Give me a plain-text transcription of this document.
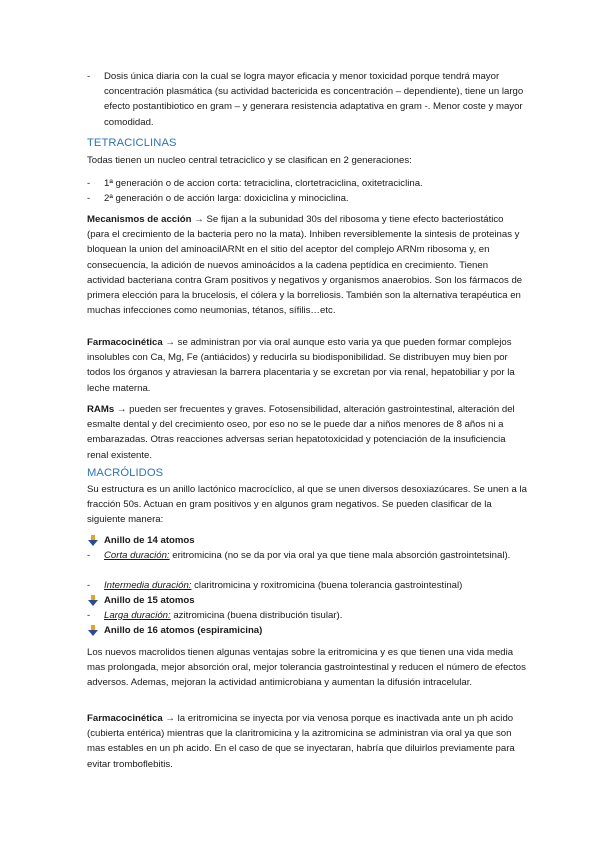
- Dosis única diaria con la cual se logra mayor eficacia y menor toxicidad porque tendrá mayor concentración plasmática (su actividad bactericida es concentración – dependiente), tiene un largo efecto postantibiotico en gram – y generara resistencia adaptativa en gram -. Menor coste y mayor comodidad.
TETRACICLINAS
Todas tienen un nucleo central tetraciclico y se clasifican en 2 generaciones:
- 1ª generación o de accion corta: tetraciclina, clortetraciclina, oxitetraciclina.
- 2ª generación o de acción larga: doxiciclina y minociclina.
Mecanismos de acción → Se fijan a la subunidad 30s del ribosoma y tiene efecto bacteriostático (para el crecimiento de la bacteria pero no la mata). Inhiben reversiblemente la sintesis de proteinas y bloquean la union del aminoacilARNt en el sitio del aceptor del complejo ARNm ribosoma y, en consecuencia, la adición de nuevos aminoácidos a la cadena peptídica en crecimiento. Tienen actividad bacteriana contra Gram positivos y negativos y organismos anaerobios. Son los fármacos de primera elección para la brucelosis, el cólera y la borreliosis. También son la alternativa terapéutica en muchas infecciones como neumonias, tétanos, sífilis…etc.
Farmacocinética → se administran por via oral aunque esto varia ya que pueden formar complejos insolubles con Ca, Mg, Fe (antiácidos) y reducirla su biodisponibilidad. Se distribuyen muy bien por todos los órganos y atraviesan la barrera placentaria y se excretan por via renal, hepatobiliar y por la leche materna.
RAMs → pueden ser frecuentes y graves. Fotosensibilidad, alteración gastrointestinal, alteración del esmalte dental y del crecimiento oseo, por eso no se le puede dar a niños menores de 8 años ni a embarazadas. Otras reacciones adversas serian hepatotoxicidad y potenciación de la insuficiencia renal existente.
MACRÓLIDOS
Su estructura es un anillo lactónico macrocíclico, al que se unen diversos desoxiazúcares. Se unen a la fracción 50s. Actuan en gram positivos y en algunos gram negativos. Se pueden clasificar de la siguiente manera:
Anillo de 14 atomos
- Corta duración: eritromicina (no se da por via oral ya que tiene mala absorción gastrointetsinal).
- Intermedia duración: claritromicina y roxitromicina (buena tolerancia gastrointestinal)
Anillo de 15 atomos
- Larga duración: azitromicina (buena distribución tisular).
Anillo de 16 atomos (espiramicina)
Los nuevos macrolidos tienen algunas ventajas sobre la eritromicina y es que tienen una vida media mas prolongada, mejor absorción oral, mejor tolerancia gastrointestinal y reducen el número de efectos adversos. Ademas, mejoran la actividad antimicrobiana y aumentan la difusión intracelular.
Farmacocinética → la eritromicina se inyecta por via venosa porque es inactivada ante un ph acido (cubierta entérica) mientras que la claritromicina y la azitromicina se administran via oral ya que son mas estables en un ph acido. En el caso de que se inyectaran, habría que diluirlos previamente para evitar tromboflebitis.
